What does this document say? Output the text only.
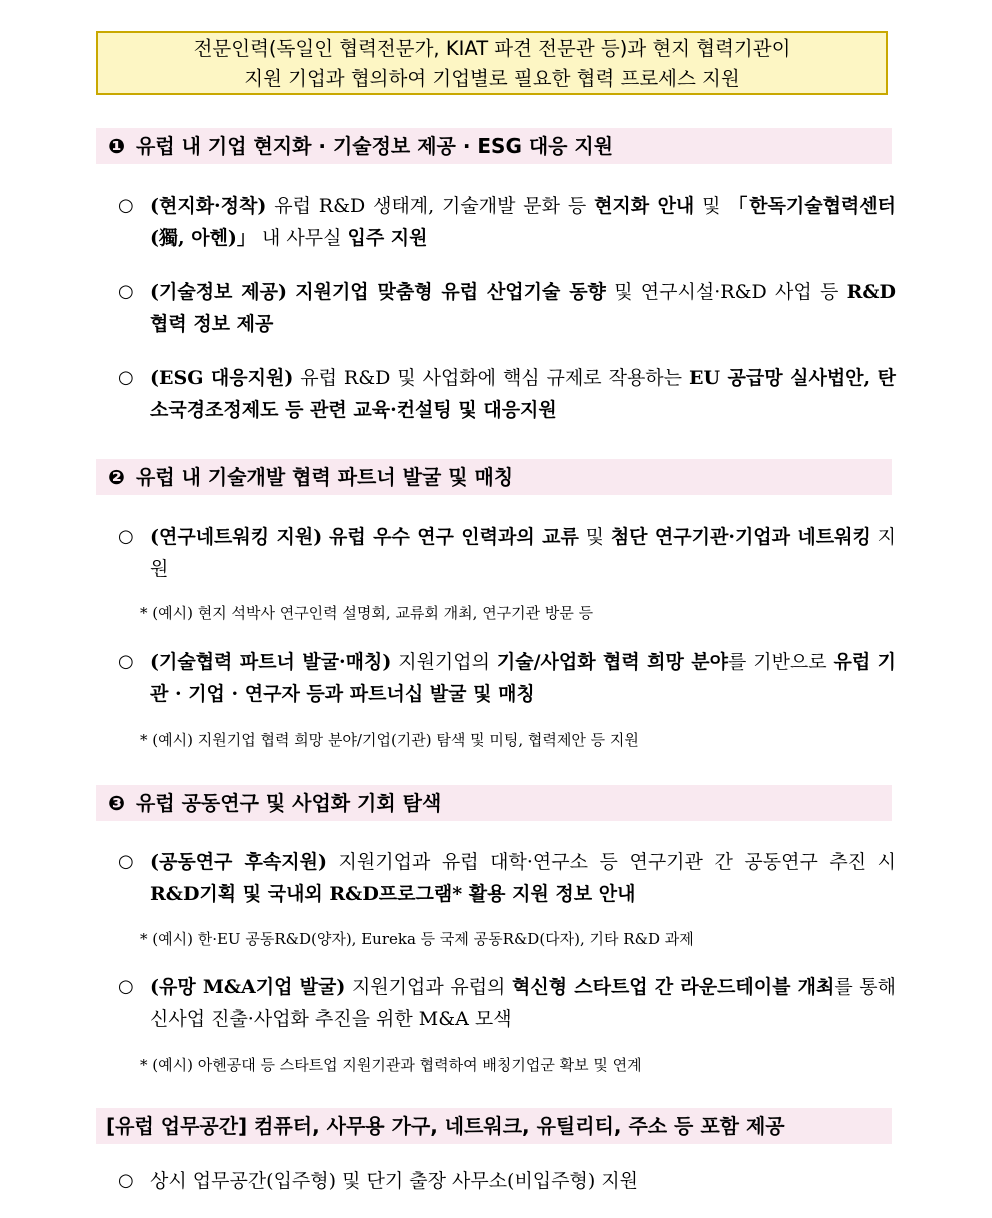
전문인력(독일인 협력전문가, KIAT 파견 전문관 등)과 현지 협력기관이
지원 기업과 협의하여 기업별로 필요한 협력 프로세스 지원
❶ 유럽 내 기업 현지화 · 기술정보 제공 · ESG 대응 지원
○ (현지화·정착) 유럽 R&D 생태계, 기술개발 문화 등 현지화 안내 및 「한독기술협력센터(獨, 아헨)」 내 사무실 입주 지원
○ (기술정보 제공) 지원기업 맞춤형 유럽 산업기술 동향 및 연구시설·R&D 사업 등 R&D 협력 정보 제공
○ (ESG 대응지원) 유럽 R&D 및 사업화에 핵심 규제로 작용하는 EU 공급망 실사법안, 탄소국경조정제도 등 관련 교육·컨설팅 및 대응지원
❷ 유럽 내 기술개발 협력 파트너 발굴 및 매칭
○ (연구네트워킹 지원) 유럽 우수 연구 인력과의 교류 및 첨단 연구기관·기업과 네트워킹 지원
* (예시) 현지 석박사 연구인력 설명회, 교류회 개최, 연구기관 방문 등
○ (기술협력 파트너 발굴·매칭) 지원기업의 기술/사업화 협력 희망 분야를 기반으로 유럽 기관 · 기업 · 연구자 등과 파트너십 발굴 및 매칭
* (예시) 지원기업 협력 희망 분야/기업(기관) 탐색 및 미팅, 협력제안 등 지원
❸ 유럽 공동연구 및 사업화 기회 탐색
○ (공동연구 후속지원) 지원기업과 유럽 대학·연구소 등 연구기관 간 공동연구 추진 시 R&D기획 및 국내외 R&D프로그램* 활용 지원 정보 안내
* (예시) 한·EU 공동R&D(양자), Eureka 등 국제 공동R&D(다자), 기타 R&D 과제
○ (유망 M&A기업 발굴) 지원기업과 유럽의 혁신형 스타트업 간 라운드테이블 개최를 통해 신사업 진출·사업화 추진을 위한 M&A 모색
* (예시) 아헨공대 등 스타트업 지원기관과 협력하여 배칭기업군 확보 및 연계
[유럽 업무공간] 컴퓨터, 사무용 가구, 네트워크, 유틸리티, 주소 등 포함 제공
○ 상시 업무공간(입주형) 및 단기 출장 사무소(비입주형) 지원
